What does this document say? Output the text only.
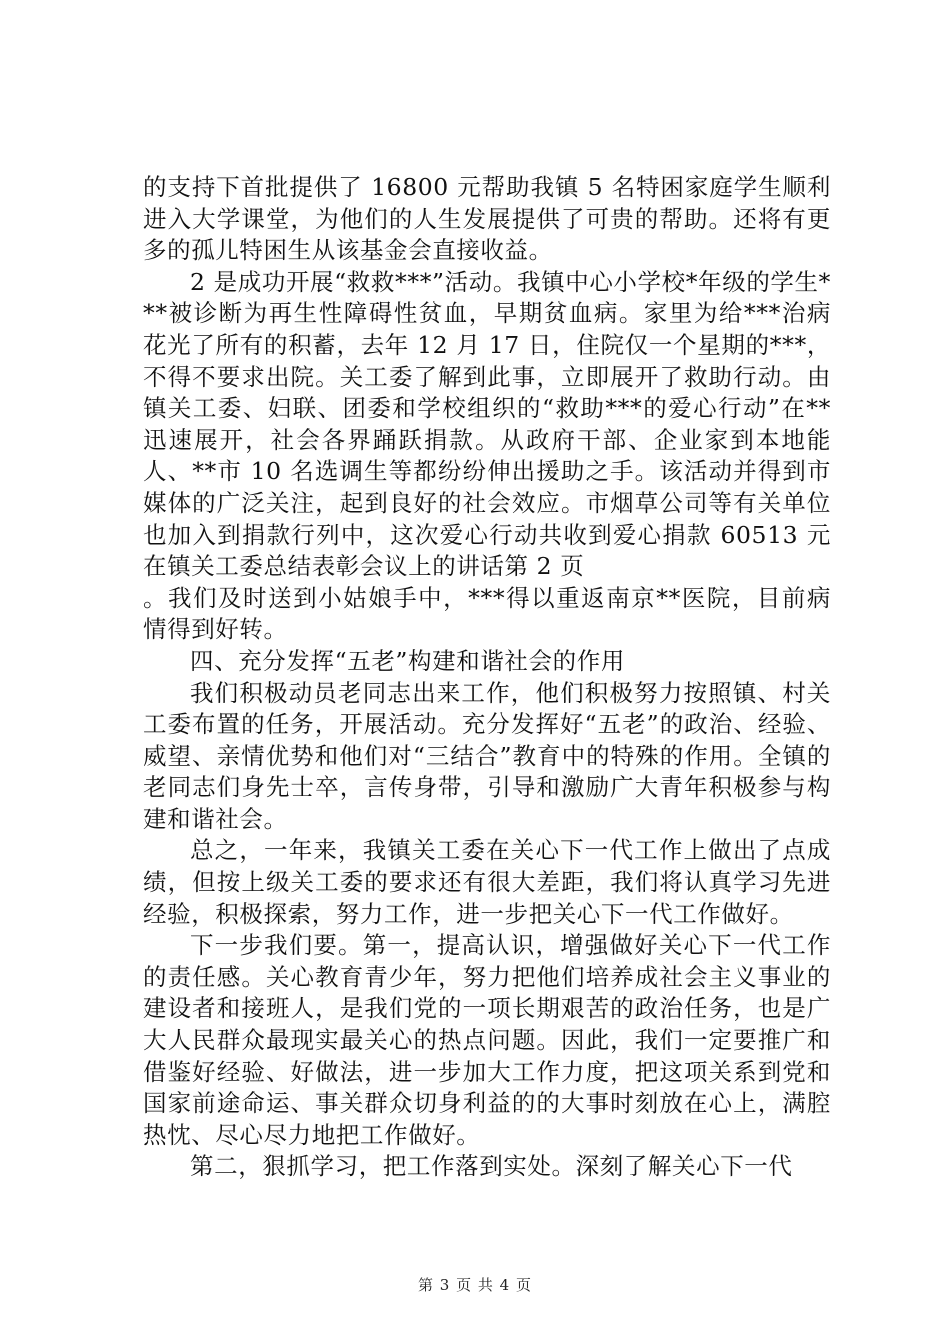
的支持下首批提供了 16800 元帮助我镇 5 名特困家庭学生顺利进入大学课堂，为他们的人生发展提供了可贵的帮助。还将有更多的孤儿特困生从该基金会直接收益。

2 是成功开展“救救***”活动。我镇中心小学校*年级的学生***被诊断为再生性障碍性贫血，早期贫血病。家里为给***治病花光了所有的积蓄，去年 12 月 17 日，住院仅一个星期的***，不得不要求出院。关工委了解到此事，立即展开了救助行动。由镇关工委、妇联、团委和学校组织的“救助***的爱心行动”在**迅速展开，社会各界踊跃捐款。从政府干部、企业家到本地能人、**市 10 名选调生等都纷纷伸出援助之手。该活动并得到市媒体的广泛关注，起到良好的社会效应。市烟草公司等有关单位也加入到捐款行列中，这次爱心行动共收到爱心捐款 60513 元在镇关工委总结表彰会议上的讲话第 2 页

。我们及时送到小姑娘手中，***得以重返南京**医院，目前病情得到好转。

四、充分发挥“五老”构建和谐社会的作用

我们积极动员老同志出来工作，他们积极努力按照镇、村关工委布置的任务，开展活动。充分发挥好“五老”的政治、经验、威望、亲情优势和他们对“三结合”教育中的特殊的作用。全镇的老同志们身先士卒，言传身带，引导和激励广大青年积极参与构建和谐社会。

总之，一年来，我镇关工委在关心下一代工作上做出了点成绩，但按上级关工委的要求还有很大差距，我们将认真学习先进经验，积极探索，努力工作，进一步把关心下一代工作做好。

下一步我们要。第一，提高认识，增强做好关心下一代工作的责任感。关心教育青少年，努力把他们培养成社会主义事业的建设者和接班人，是我们党的一项长期艰苦的政治任务，也是广大人民群众最现实最关心的热点问题。因此，我们一定要推广和借鉴好经验、好做法，进一步加大工作力度，把这项关系到党和国家前途命运、事关群众切身利益的的大事时刻放在心上，满腔热忱、尽心尽力地把工作做好。

第二，狠抓学习，把工作落到实处。深刻了解关心下一代

第 3 页 共 4 页
